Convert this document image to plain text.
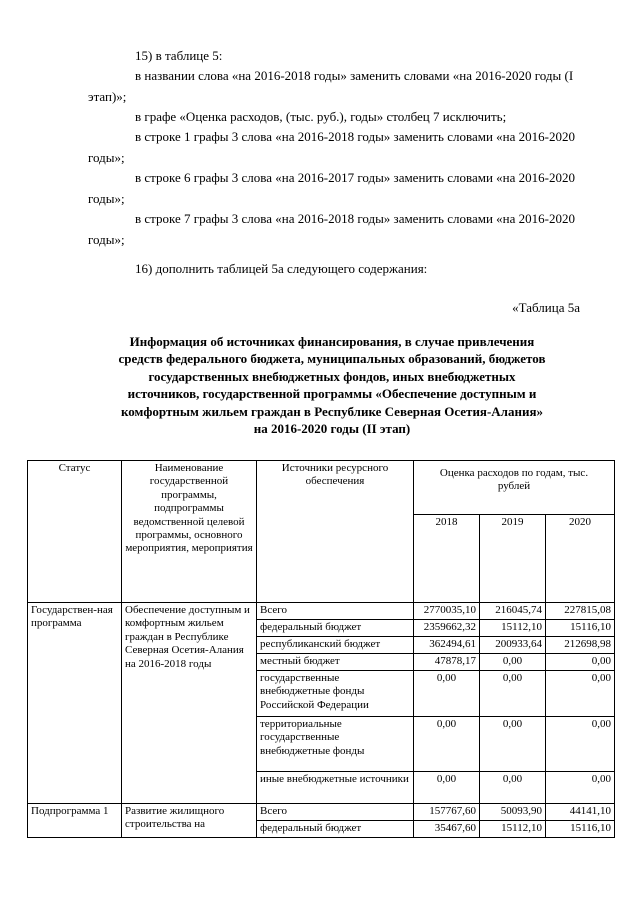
15) в таблице 5:

в названии слова «на 2016-2018 годы» заменить словами «на 2016-2020 годы (I этап)»;

в графе «Оценка расходов, (тыс. руб.), годы» столбец 7 исключить;

в строке 1 графы 3 слова «на 2016-2018 годы» заменить словами «на 2016-2020 годы»;

в строке 6 графы 3 слова «на 2016-2017 годы» заменить словами «на 2016-2020 годы»;

в строке 7 графы 3 слова «на 2016-2018 годы» заменить словами «на 2016-2020 годы»;

16) дополнить таблицей 5а следующего содержания:

«Таблица 5а
Информация об источниках финансирования, в случае привлечения
средств федерального бюджета, муниципальных образований, бюджетов
государственных внебюджетных фондов, иных внебюджетных
источников, государственной программы «Обеспечение доступным и
комфортным жильем граждан в Республике Северная Осетия-Алания»
на 2016-2020 годы (II этап)
Статус	Наименование государственной программы, подпрограммы ведомственной целевой программы, основного мероприятия, мероприятия	Источники ресурсного обеспечения	Оценка расходов по годам, тыс. рублей		
			2018	2019	2020
Государствен-ная программа	Обеспечение доступным и комфортным жильем граждан в Республике Северная Осетия-Алания на 2016-2018 годы	Всего	2770035,10	216045,74	227815,08
		федеральный бюджет	2359662,32	15112,10	15116,10
		республиканский бюджет	362494,61	200933,64	212698,98
		местный бюджет	47878,17	0,00	0,00
		государственные внебюджетные фонды Российской Федерации	0,00	0,00	0,00
		территориальные государственные внебюджетные фонды	0,00	0,00	0,00
		иные внебюджетные источники	0,00	0,00	0,00
Подпрограмма 1	Развитие жилищного строительства на	Всего	157767,60	50093,90	44141,10
		федеральный бюджет	35467,60	15112,10	15116,10
